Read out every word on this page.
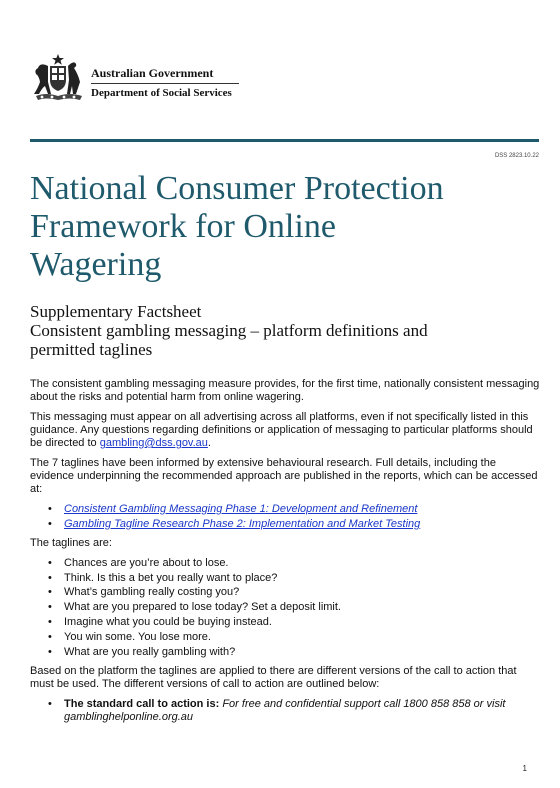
Australian Government
Department of Social Services
DSS 2823.10.22
National Consumer Protection
Framework for Online
Wagering
Supplementary Factsheet
Consistent gambling messaging – platform definitions and
permitted taglines

The consistent gambling messaging measure provides, for the first time, nationally consistent messaging about the risks and potential harm from online wagering.

This messaging must appear on all advertising across all platforms, even if not specifically listed in this guidance. Any questions regarding definitions or application of messaging to particular platforms should be directed to gambling@dss.gov.au.

The 7 taglines have been informed by extensive behavioural research. Full details, including the evidence underpinning the recommended approach are published in the reports, which can be accessed at:

• Consistent Gambling Messaging Phase 1: Development and Refinement
• Gambling Tagline Research Phase 2: Implementation and Market Testing

The taglines are:

• Chances are you’re about to lose.
• Think. Is this a bet you really want to place?
• What’s gambling really costing you?
• What are you prepared to lose today? Set a deposit limit.
• Imagine what you could be buying instead.
• You win some. You lose more.
• What are you really gambling with?

Based on the platform the taglines are applied to there are different versions of the call to action that must be used. The different versions of call to action are outlined below:

• The standard call to action is: For free and confidential support call 1800 858 858 or visit gamblinghelponline.org.au
1
